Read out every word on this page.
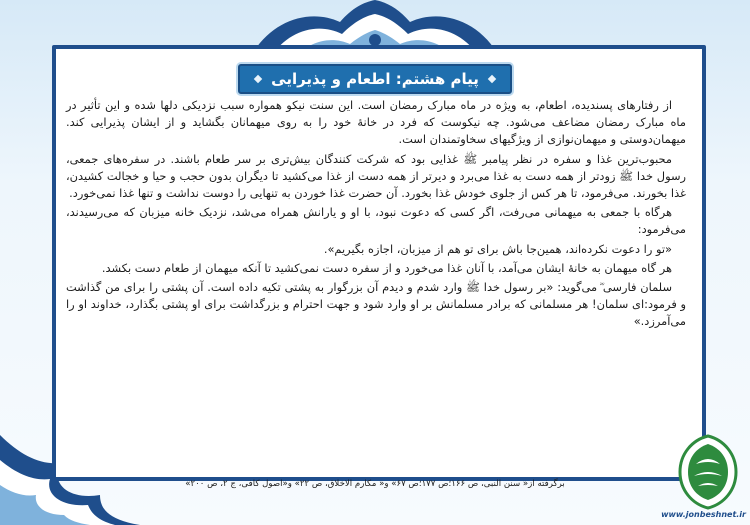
پیام هشتم: اطعام و پذیرایی

از رفتارهای پسندیده، اطعام، به ویژه در ماه مبارک رمضان است. این سنت نیکو همواره سبب نزدیکی دلها شده و این تأثیر در ماه مبارک رمضان مضاعف می‌شود. چه نیکوست که فرد در خانهٔ خود را به روی میهمانان بگشاید و از ایشان پذیرایی کند. میهمان‌دوستی و میهمان‌نوازی از ویژگیهای سخاوتمندان است.

محبوب‌ترین غذا و سفره در نظر پیامبر ﷺ غذایی بود که شرکت کنندگان بیش‌تری بر سر طعام باشند. در سفره‌های جمعی، رسول خدا ﷺ زودتر از همه دست به غذا می‌برد و دیرتر از همه دست از غذا می‌کشید تا دیگران بدون حجب و حیا و خجالت کشیدن، غذا بخورند. می‌فرمود، تا هر کس از جلوی خودش غذا بخورد. آن حضرت غذا خوردن به تنهایی را دوست نداشت و تنها غذا نمی‌خورد.

هرگاه با جمعی به میهمانی می‌رفت، اگر کسی که دعوت نبود، با او و یارانش همراه می‌شد، نزدیک خانه میزبان که می‌رسیدند، می‌فرمود:

«تو را دعوت نکرده‌اند، همین‌جا باش برای تو هم از میزبان، اجازه بگیریم».

هر گاه میهمان به خانهٔ ایشان می‌آمد، با آنان غذا می‌خورد و از سفره دست نمی‌کشید تا آنکه میهمان از طعام دست بکشد.

سلمان فارسی ؓ می‌گوید: «بر رسول خدا ﷺ وارد شدم و دیدم آن بزرگوار به پشتی تکیه داده است. آن پشتی را برای من گذاشت و فرمود:ای سلمان! هر مسلمانی که برادر مسلمانش بر او وارد شود و جهت احترام و بزرگداشت برای او پشتی بگذارد، خداوند او را می‌آمرزد.»

برگرفته از« سنن النبی، ص ۱۶۶؛ص ۱۷۷؛ص ۶۷» و« مکارم الاخلاق، ص ۲۲» و«اصول کافی، ج ۲، ص ۲۰۰»
www.jonbeshnet.ir
